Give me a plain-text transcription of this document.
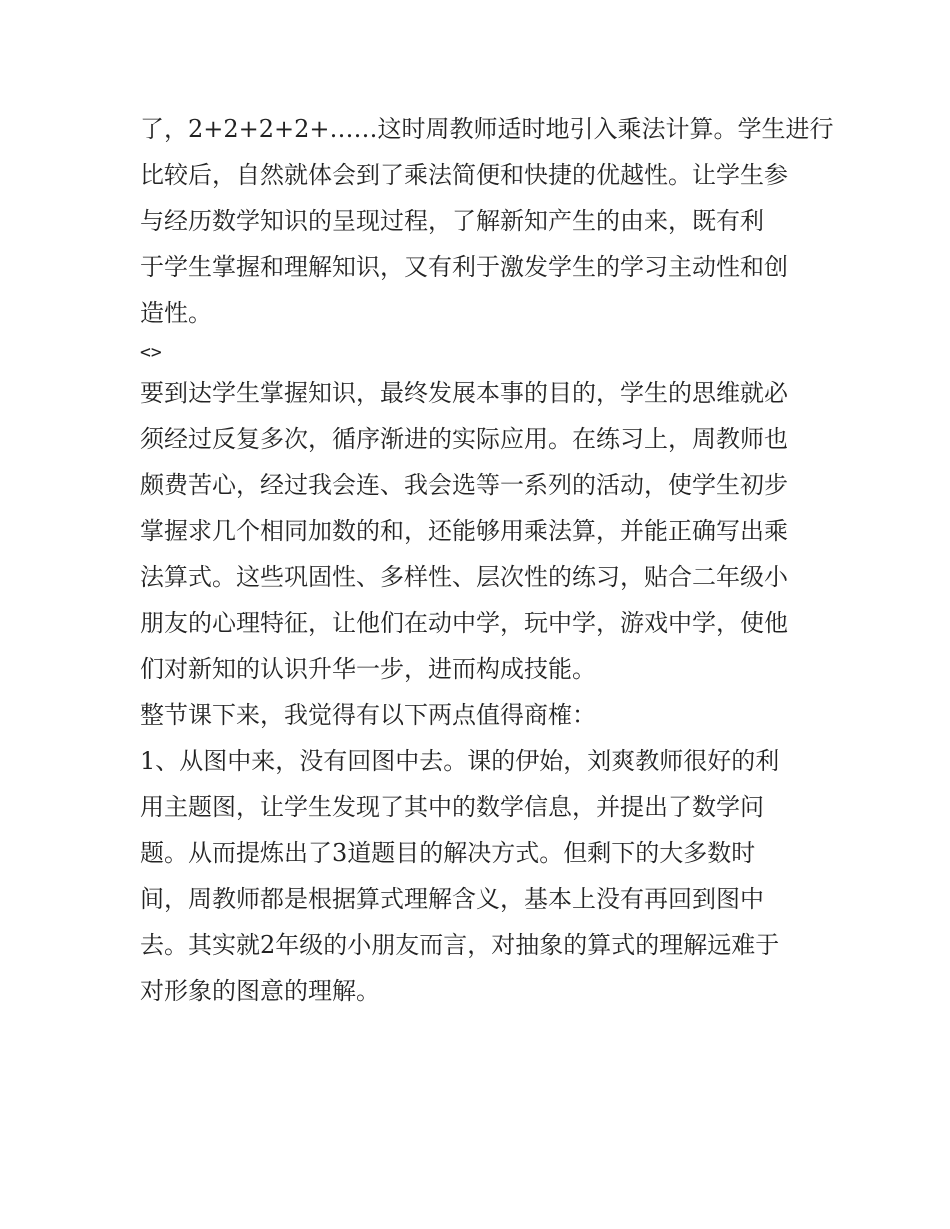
了，2+2+2+2+……这时周教师适时地引入乘法计算。学生进行
比较后，自然就体会到了乘法简便和快捷的优越性。让学生参
与经历数学知识的呈现过程，了解新知产生的由来，既有利
于学生掌握和理解知识，又有利于激发学生的学习主动性和创
造性。
<>
要到达学生掌握知识，最终发展本事的目的，学生的思维就必
须经过反复多次，循序渐进的实际应用。在练习上，周教师也
颇费苦心，经过我会连、我会选等一系列的活动，使学生初步
掌握求几个相同加数的和，还能够用乘法算，并能正确写出乘
法算式。这些巩固性、多样性、层次性的练习，贴合二年级小
朋友的心理特征，让他们在动中学，玩中学，游戏中学，使他
们对新知的认识升华一步，进而构成技能。
整节课下来，我觉得有以下两点值得商榷：
1、从图中来，没有回图中去。课的伊始，刘爽教师很好的利
用主题图，让学生发现了其中的数学信息，并提出了数学问
题。从而提炼出了3道题目的解决方式。但剩下的大多数时
间，周教师都是根据算式理解含义，基本上没有再回到图中
去。其实就2年级的小朋友而言，对抽象的算式的理解远难于
对形象的图意的理解。
